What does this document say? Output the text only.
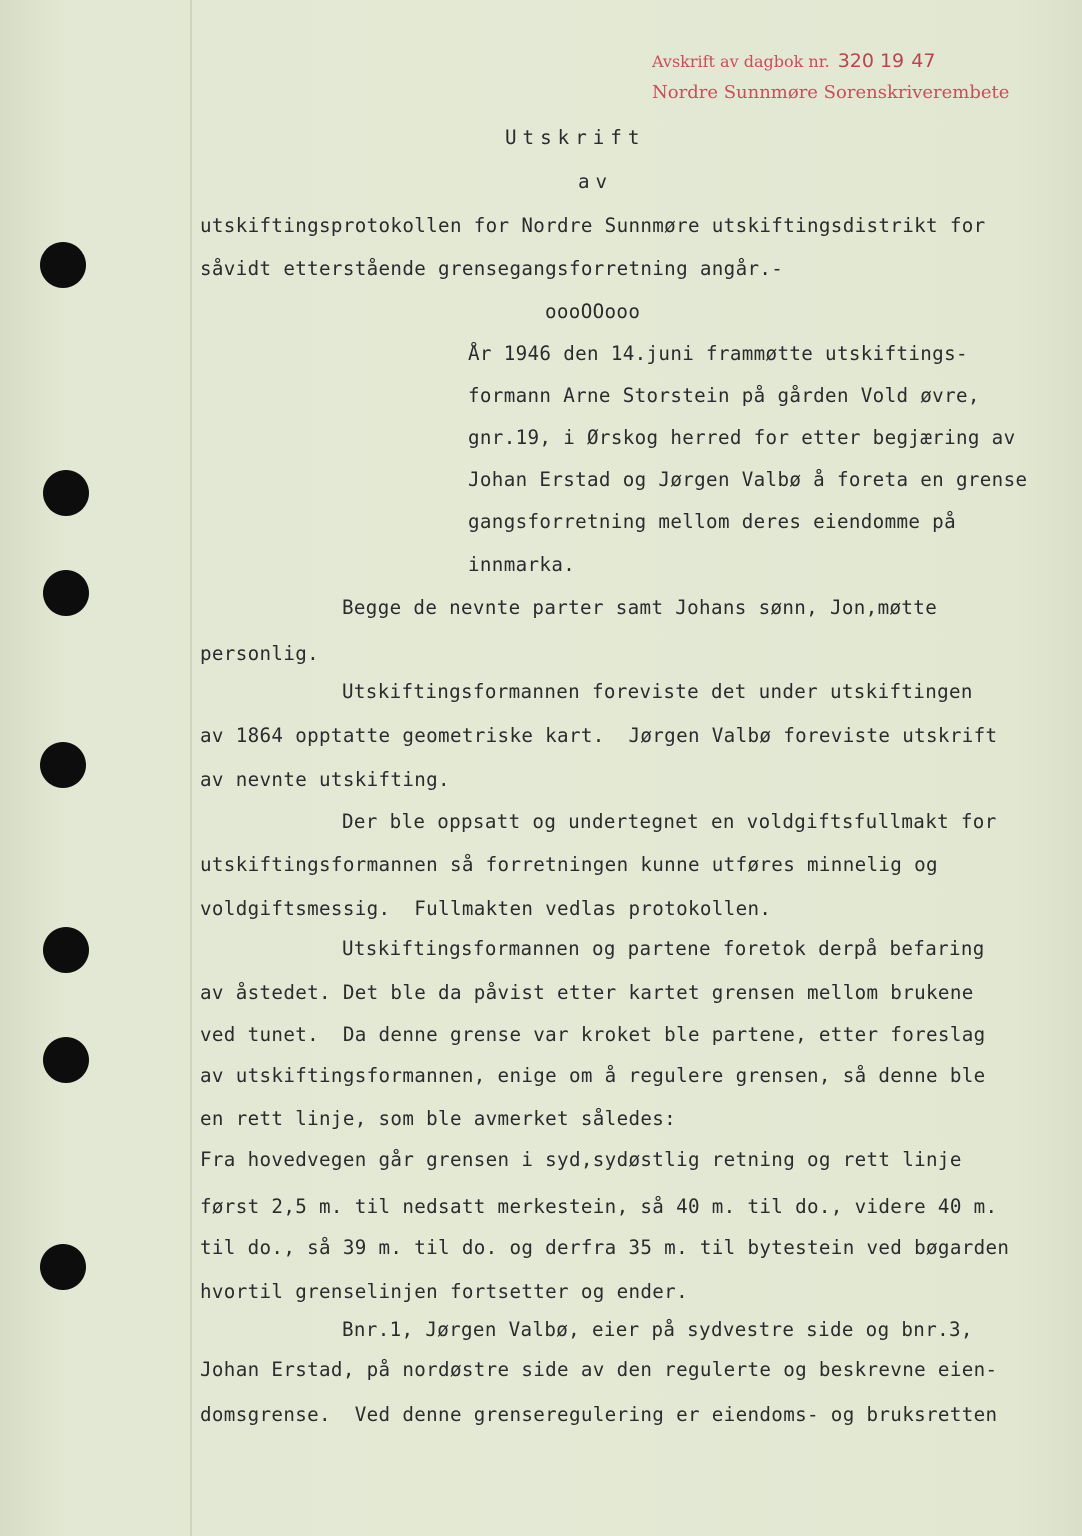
Avskrift av dagbok nr. 320 19 47
Nordre Sunnmøre Sorenskriverembete
Utskrift
av
utskiftingsprotokollen for Nordre Sunnmøre utskiftingsdistrikt for
såvidt etterstående grensegangsforretning angår.-
oooOOooo
År 1946 den 14.juni frammøtte utskiftings-
formann Arne Storstein på gården Vold øvre,
gnr.19, i Ørskog herred for etter begjæring av
Johan Erstad og Jørgen Valbø å foreta en grense
gangsforretning mellom deres eiendomme på
innmarka.
Begge de nevnte parter samt Johans sønn, Jon,møtte
personlig.
Utskiftingsformannen foreviste det under utskiftingen
av 1864 opptatte geometriske kart.  Jørgen Valbø foreviste utskrift
av nevnte utskifting.
Der ble oppsatt og undertegnet en voldgiftsfullmakt for
utskiftingsformannen så forretningen kunne utføres minnelig og
voldgiftsmessig.  Fullmakten vedlas protokollen.
Utskiftingsformannen og partene foretok derpå befaring
av åstedet. Det ble da påvist etter kartet grensen mellom brukene
ved tunet.  Da denne grense var kroket ble partene, etter foreslag
av utskiftingsformannen, enige om å regulere grensen, så denne ble
en rett linje, som ble avmerket således:
Fra hovedvegen går grensen i syd,sydøstlig retning og rett linje
først 2,5 m. til nedsatt merkestein, så 40 m. til do., videre 40 m.
til do., så 39 m. til do. og derfra 35 m. til bytestein ved bøgarden
hvortil grenselinjen fortsetter og ender.
Bnr.1, Jørgen Valbø, eier på sydvestre side og bnr.3,
Johan Erstad, på nordøstre side av den regulerte og beskrevne eien-
domsgrense.  Ved denne grenseregulering er eiendoms- og bruksretten
